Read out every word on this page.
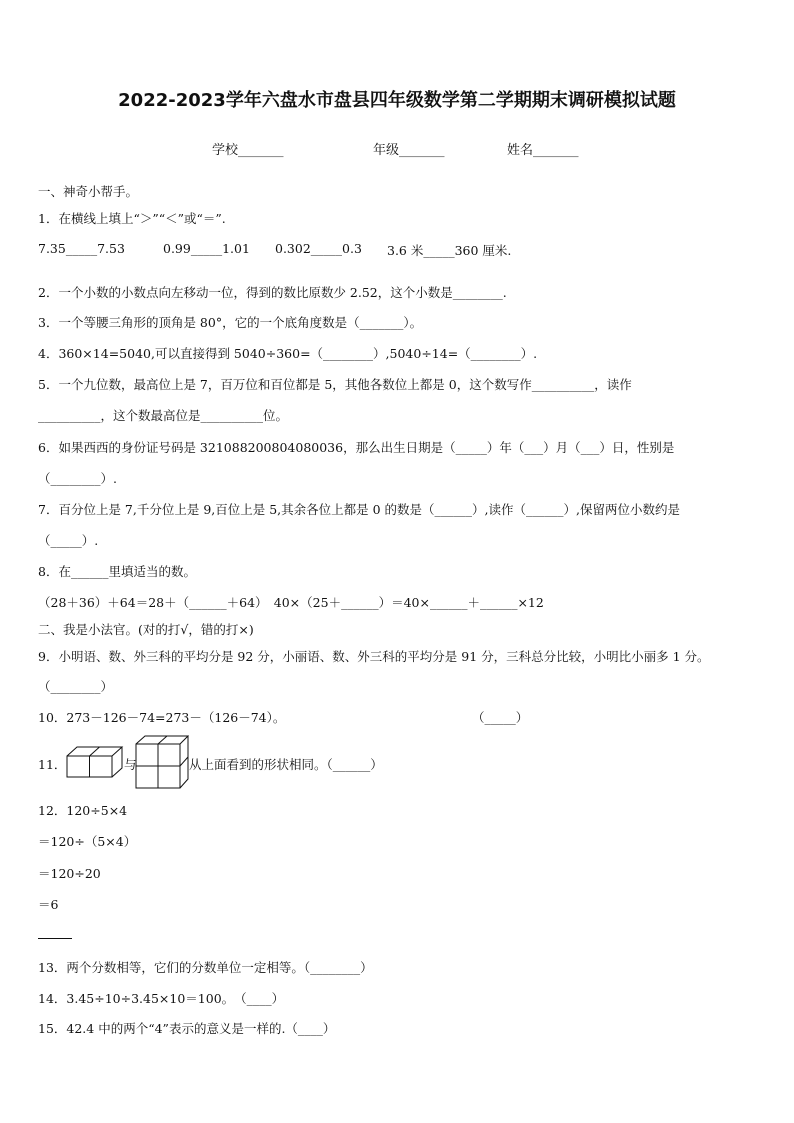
2022-2023学年六盘水市盘县四年级数学第二学期期末调研模拟试题
学校_______	年级_______	姓名_______
一、神奇小帮手。
1．在横线上填上“＞”“＜”或“＝”.
7.35_____7.53	0.99_____1.01 0.302_____0.3 3.6 米_____360 厘米.
2．一个小数的小数点向左移动一位，得到的数比原数少 2.52，这个小数是________.
3．一个等腰三角形的顶角是 80°，它的一个底角度数是（_______）。
4．360×14=5040,可以直接得到 5040÷360=（________）,5040÷14=（________）.
5．一个九位数，最高位上是 7，百万位和百位都是 5，其他各数位上都是 0，这个数写作__________，读作
__________，这个数最高位是__________位。
6．如果西西的身份证号码是 321088200804080036，那么出生日期是（_____）年（___）月（___）日，性别是
（________）.
7．百分位上是 7,千分位上是 9,百位上是 5,其余各位上都是 0 的数是（______）,读作（______）,保留两位小数约是
（_____）.
8．在______里填适当的数。
（28＋36）＋64＝28＋（______＋64）　40×（25＋______）＝40×______＋______×12
二、我是小法官。(对的打√，错的打×)
9．小明语、数、外三科的平均分是 92 分，小丽语、数、外三科的平均分是 91 分，三科总分比较，小明比小丽多 1 分。
（________）
10．273－126－74=273－（126－74）。	（_____）
11．	与	从上面看到的形状相同。（______）
12．120÷5×4
＝120÷（5×4）
＝120÷20
＝6
13．两个分数相等，它们的分数单位一定相等。（________）
14．3.45÷10÷3.45×10＝100。　（____）
15．42.4 中的两个“4”表示的意义是一样的.（____）
